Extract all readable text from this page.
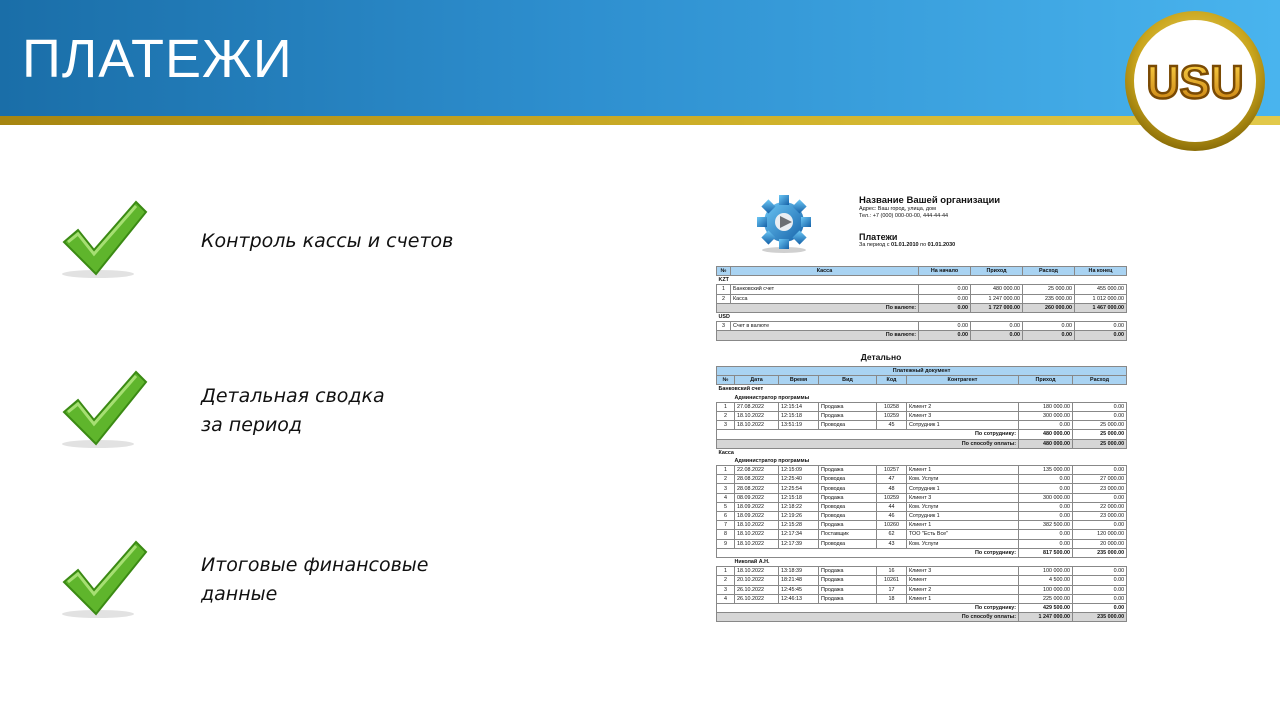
ПЛАТЕЖИ	USU
Контроль кассы и счетов
Детальная сводка
за период
Итоговые финансовые
данные
Название Вашей организации
Адрес: Ваш город, улица, дом
Тел.: +7 (000) 000-00-00, 444-44-44
Платежи
За период с 01.01.2010 по 01.01.2030
№	Касса	На начало	Приход	Расход	На конец
KZT					
1	Банковский счет	0.00	480 000.00	25 000.00	455 000.00
2	Касса	0.00	1 247 000.00	235 000.00	1 012 000.00
По валюте:		0.00	1 727 000.00	260 000.00	1 467 000.00
USD					
3	Счет в валюте	0.00	0.00	0.00	0.00
По валюте:		0.00	0.00	0.00	0.00
Детально
Платежный документ							
№	Дата	Время	Вид	Код	Контрагент	Приход	Расход
Банковский счет							
Администратор программы							
1	27.08.2022	12:15:14	Продажа	10258	Клиент 2	180 000.00	0.00
2	18.10.2022	12:15:18	Продажа	10259	Клиент 3	300 000.00	0.00
3	18.10.2022	13:51:19	Проводка	45	Сотрудник 1	0.00	25 000.00
По сотруднику:						480 000.00	25 000.00
По способу оплаты:						480 000.00	25 000.00
Касса							
Администратор программы							
1	22.08.2022	12:15:09	Продажа	10257	Клиент 1	135 000.00	0.00
2	28.08.2022	12:25:40	Проводка	47	Ком. Услуги	0.00	27 000.00
3	28.08.2022	12:25:54	Проводка	48	Сотрудник 1	0.00	23 000.00
4	08.09.2022	12:15:18	Продажа	10259	Клиент 3	300 000.00	0.00
5	18.09.2022	12:18:22	Проводка	44	Ком. Услуги	0.00	22 000.00
6	18.09.2022	12:19:26	Проводка	46	Сотрудник 1	0.00	23 000.00
7	18.10.2022	12:15:28	Продажа	10260	Клиент 1	382 500.00	0.00
8	18.10.2022	12:17:34	Поставщик	62	ТОО "Есть Все"	0.00	120 000.00
9	18.10.2022	12:17:39	Проводка	43	Ком. Услуги	0.00	20 000.00
По сотруднику:						817 500.00	235 000.00
Николай А.Н.							
1	18.10.2022	13:18:39	Продажа	16	Клиент 3	100 000.00	0.00
2	20.10.2022	18:21:48	Продажа	10261	Клиент	4 500.00	0.00
3	26.10.2022	12:45:45	Продажа	17	Клиент 2	100 000.00	0.00
4	26.10.2022	12:46:13	Продажа	18	Клиент 1	225 000.00	0.00
По сотруднику:						429 500.00	0.00
По способу оплаты:						1 247 000.00	235 000.00
